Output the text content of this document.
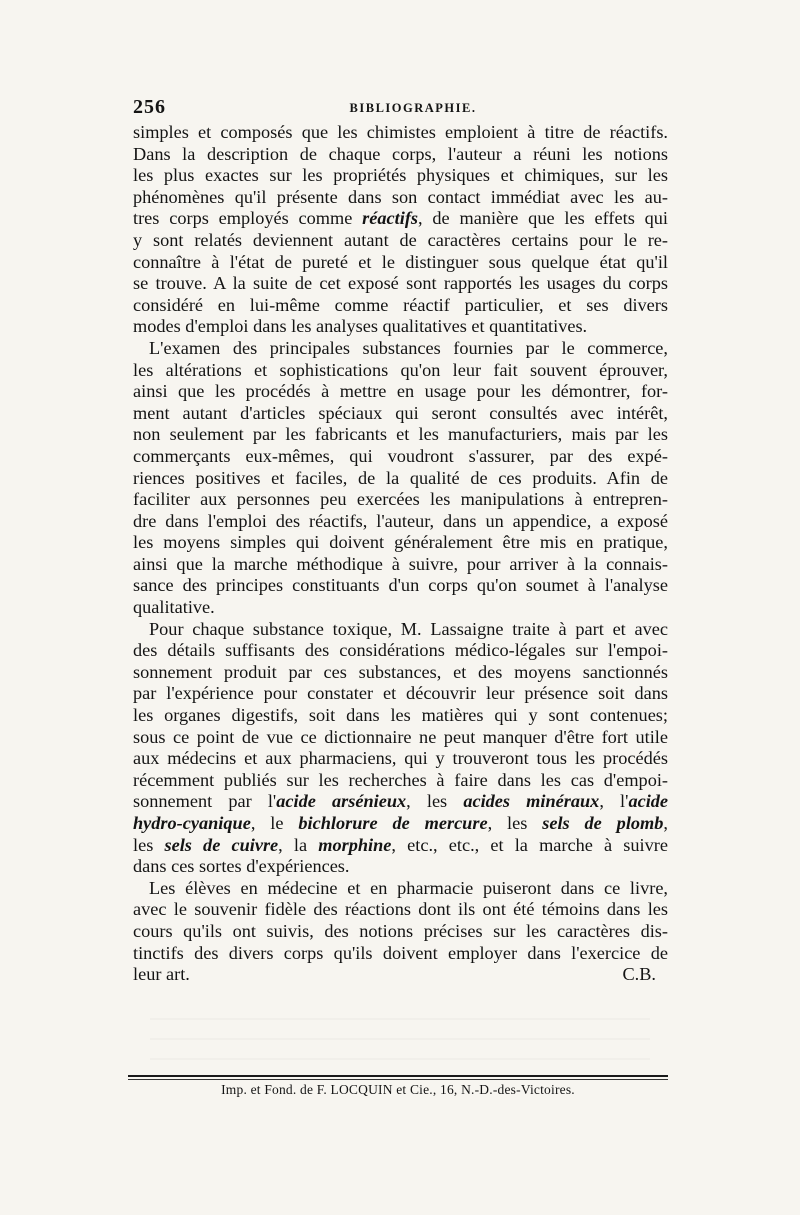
256	BIBLIOGRAPHIE.

simples et composés que les chimistes emploient à titre de réactifs.
Dans la description de chaque corps, l'auteur a réuni les notions
les plus exactes sur les propriétés physiques et chimiques, sur les
phénomènes qu'il présente dans son contact immédiat avec les au-
tres corps employés comme réactifs, de manière que les effets qui
y sont relatés deviennent autant de caractères certains pour le re-
connaître à l'état de pureté et le distinguer sous quelque état qu'il
se trouve. A la suite de cet exposé sont rapportés les usages du corps
considéré en lui-même comme réactif particulier, et ses divers
modes d'emploi dans les analyses qualitatives et quantitatives.

L'examen des principales substances fournies par le commerce,
les altérations et sophistications qu'on leur fait souvent éprouver,
ainsi que les procédés à mettre en usage pour les démontrer, for-
ment autant d'articles spéciaux qui seront consultés avec intérêt,
non seulement par les fabricants et les manufacturiers, mais par les
commerçants eux-mêmes, qui voudront s'assurer, par des expé-
riences positives et faciles, de la qualité de ces produits. Afin de
faciliter aux personnes peu exercées les manipulations à entrepren-
dre dans l'emploi des réactifs, l'auteur, dans un appendice, a exposé
les moyens simples qui doivent généralement être mis en pratique,
ainsi que la marche méthodique à suivre, pour arriver à la connais-
sance des principes constituants d'un corps qu'on soumet à l'analyse
qualitative.

Pour chaque substance toxique, M. Lassaigne traite à part et avec
des détails suffisants des considérations médico-légales sur l'empoi-
sonnement produit par ces substances, et des moyens sanctionnés
par l'expérience pour constater et découvrir leur présence soit dans
les organes digestifs, soit dans les matières qui y sont contenues;
sous ce point de vue ce dictionnaire ne peut manquer d'être fort utile
aux médecins et aux pharmaciens, qui y trouveront tous les procédés
récemment publiés sur les recherches à faire dans les cas d'empoi-
sonnement par l'acide arsénieux, les acides minéraux, l'acide
hydro-cyanique, le bichlorure de mercure, les sels de plomb,
les sels de cuivre, la morphine, etc., etc., et la marche à suivre
dans ces sortes d'expériences.

Les élèves en médecine et en pharmacie puiseront dans ce livre,
avec le souvenir fidèle des réactions dont ils ont été témoins dans les
cours qu'ils ont suivis, des notions précises sur les caractères dis-
tinctifs des divers corps qu'ils doivent employer dans l'exercice de
leur art.	C.B.

Imp. et Fond. de F. LOCQUIN et Cie., 16, N.-D.-des-Victoires.
